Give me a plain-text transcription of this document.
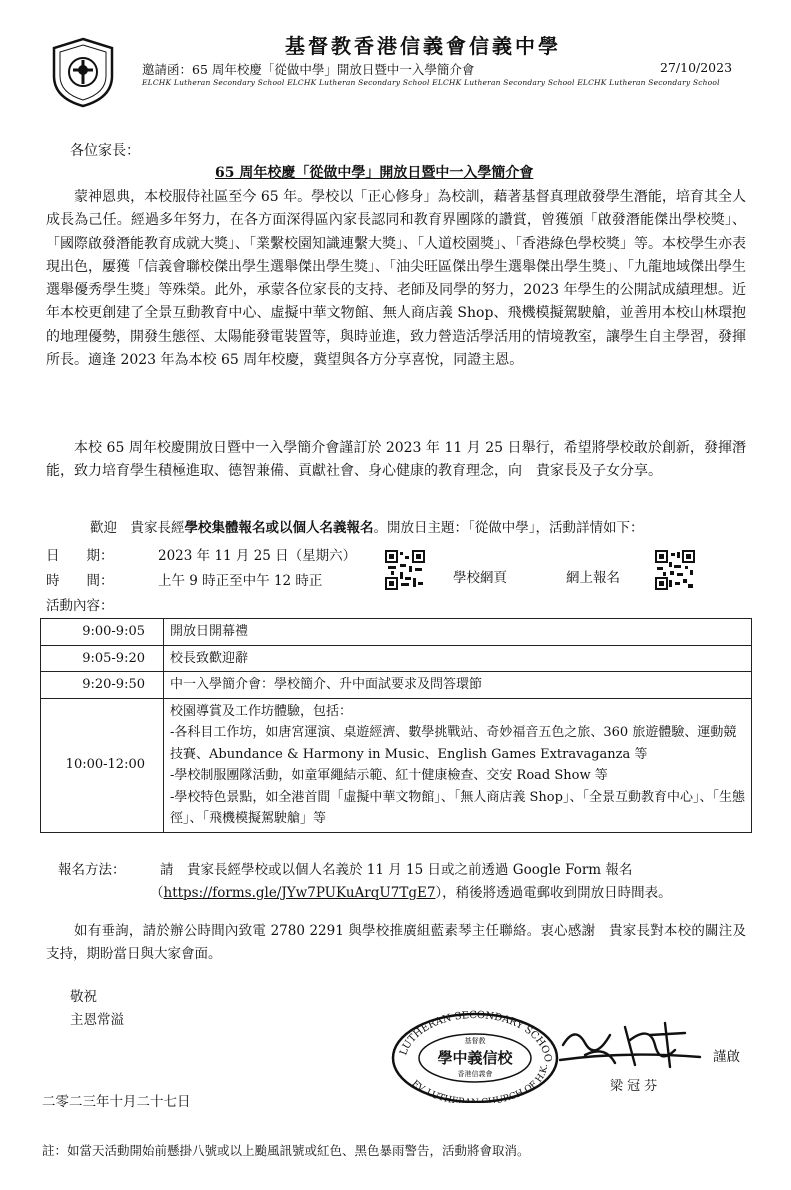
基督教香港信義會信義中學
邀請函：65 周年校慶「從做中學」開放日暨中一入學簡介會	27/10/2023
ELCHK Lutheran Secondary School ELCHK Lutheran Secondary School ELCHK Lutheran Secondary School ELCHK Lutheran Secondary School
各位家長：
65 周年校慶「從做中學」開放日暨中一入學簡介會
蒙神恩典，本校服侍社區至今 65 年。學校以「正心修身」為校訓，藉著基督真理啟發學生潛能，培育其全人成長為己任。經過多年努力，在各方面深得區內家長認同和教育界團隊的讚賞，曾獲頒「啟發潛能傑出學校獎」、「國際啟發潛能教育成就大獎」、「業繫校園知識連繫大獎」、「人道校園獎」、「香港綠色學校獎」等。本校學生亦表現出色，屢獲「信義會聯校傑出學生選舉傑出學生獎」、「油尖旺區傑出學生選舉傑出學生獎」、「九龍地域傑出學生選舉優秀學生獎」等殊榮。此外，承蒙各位家長的支持、老師及同學的努力，2023 年學生的公開試成績理想。近年本校更創建了全景互動教育中心、虛擬中華文物館、無人商店義 Shop、飛機模擬駕駛艙，並善用本校山林環抱的地理優勢，開發生態徑、太陽能發電裝置等，與時並進，致力營造活學活用的情境教室，讓學生自主學習，發揮所長。適逢 2023 年為本校 65 周年校慶，冀望與各方分享喜悅，同證主恩。
本校 65 周年校慶開放日暨中一入學簡介會謹訂於 2023 年 11 月 25 日舉行，希望將學校敢於創新，發揮潛能，致力培育學生積極進取、德智兼備、貢獻社會、身心健康的教育理念，向　貴家長及子女分享。
歡迎　貴家長經學校集體報名或以個人名義報名。開放日主題：「從做中學」，活動詳情如下：
日　　期：	2023 年 11 月 25 日（星期六）
時　　間：	上午 9 時正至中午 12 時正
活動內容：
學校網頁	網上報名
9:00-9:05	開放日開幕禮
9:05-9:20	校長致歡迎辭
9:20-9:50	中一入學簡介會：學校簡介、升中面試要求及問答環節
10:00-12:00	校園導賞及工作坊體驗，包括：
-各科目工作坊，如唐宮運演、桌遊經濟、數學挑戰站、奇妙福音五色之旅、360 旅遊體驗、運動競技賽、Abundance & Harmony in Music、English Games Extravaganza 等
-學校制服團隊活動，如童軍繩結示範、紅十健康檢查、交安 Road Show 等
-學校特色景點，如全港首間「虛擬中華文物館」、「無人商店義 Shop」、「全景互動教育中心」、「生態徑」、「飛機模擬駕駛艙」等
報名方法：	請　貴家長經學校或以個人名義於 11 月 15 日或之前透過 Google Form 報名
（https://forms.gle/JYw7PUKuArqU7TgE7），稍後將透過電郵收到開放日時間表。
如有垂詢，請於辦公時間內致電 2780 2291 與學校推廣組藍素琴主任聯絡。衷心感謝　貴家長對本校的關注及支持，期盼當日與大家會面。
敬祝
主恩常溢
LUTHERAN SECONDARY SCHOO
EV. LUTHERAN CHURCH OF H.K.
基督教
學中義信校
香港信義會
謹啟
梁 冠 芬
二零二三年十月二十七日
註：如當天活動開始前懸掛八號或以上颱風訊號或紅色、黑色暴雨警告，活動將會取消。
